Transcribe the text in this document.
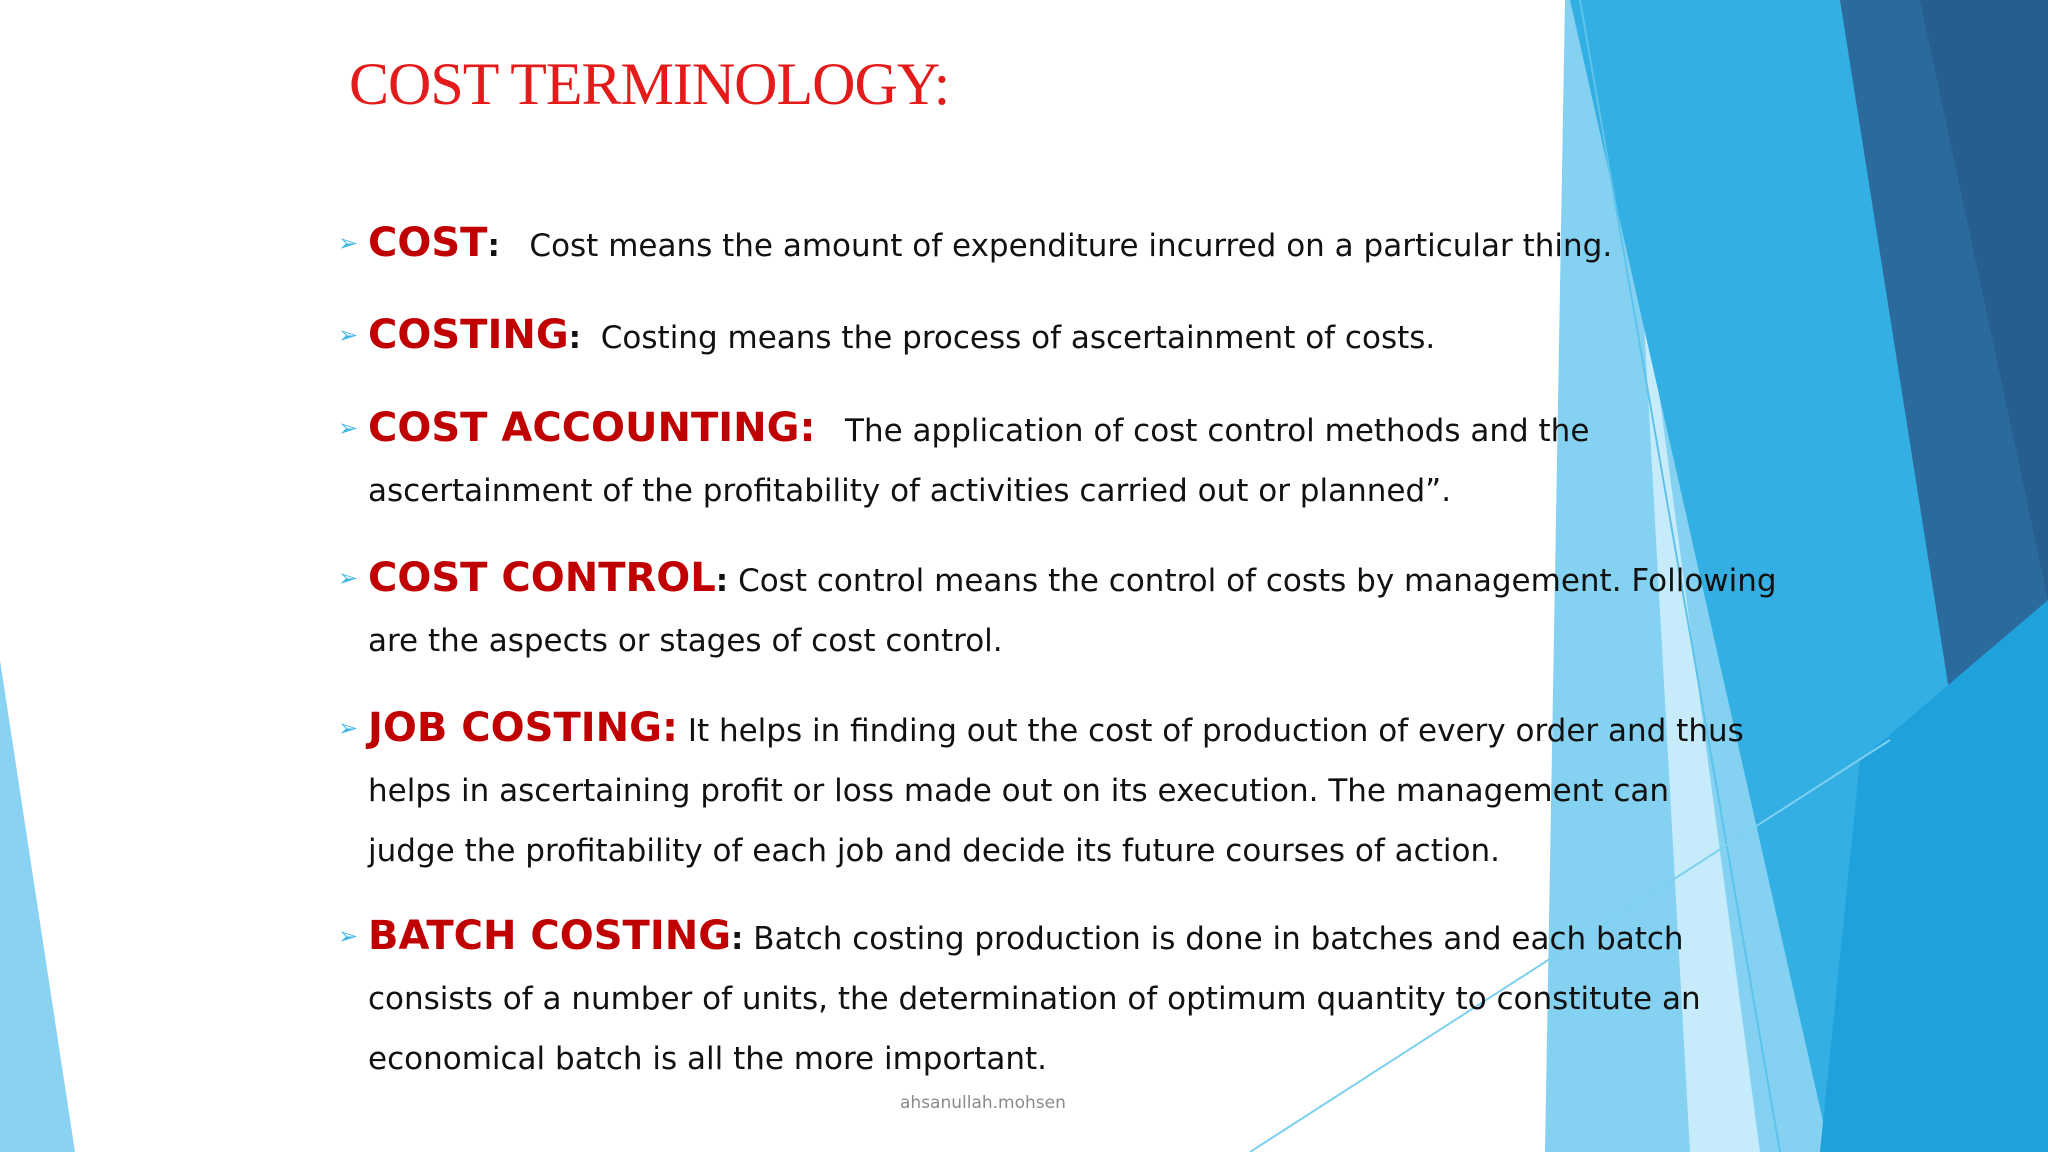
COST TERMINOLOGY:
➢ COST: Cost means the amount of expenditure incurred on a particular thing.
➢ COSTING: Costing means the process of ascertainment of costs.
➢ COST ACCOUNTING: The application of cost control methods and the
ascertainment of the profitability of activities carried out or planned”.
➢ COST CONTROL: Cost control means the control of costs by management. Following
are the aspects or stages of cost control.
➢ JOB COSTING: It helps in finding out the cost of production of every order and thus
helps in ascertaining profit or loss made out on its execution. The management can
judge the profitability of each job and decide its future courses of action.
➢ BATCH COSTING: Batch costing production is done in batches and each batch
consists of a number of units, the determination of optimum quantity to constitute an
economical batch is all the more important.
ahsanullah.mohsen
